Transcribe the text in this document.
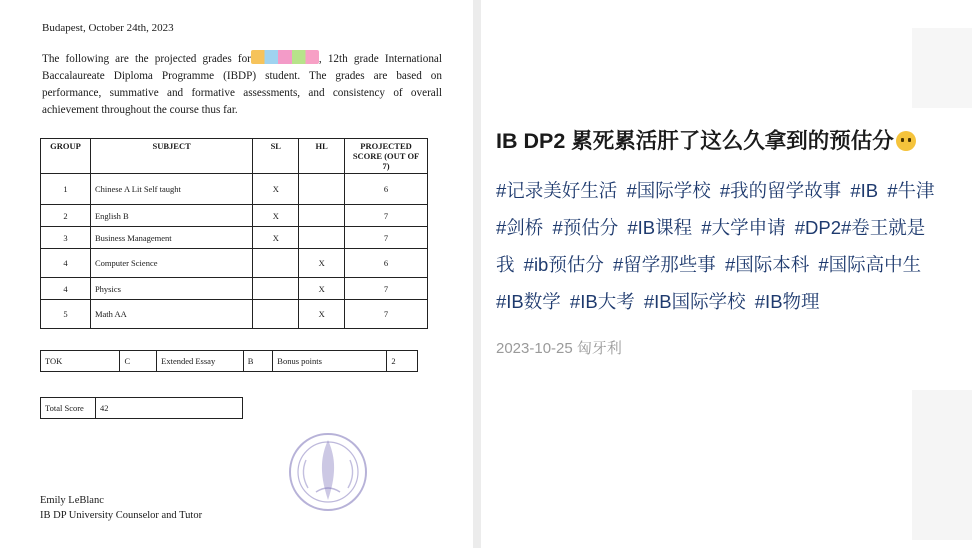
Budapest, October 24th, 2023
The following are the projected grades for	, 12th grade International Baccalaureate Diploma Programme (IBDP) student. The grades are based on performance, summative and formative assessments, and consistency of overall achievement throughout the course thus far.
GROUP	SUBJECT	SL	HL	PROJECTED SCORE (OUT OF 7)
1	Chinese A Lit Self taught	X		6
2	English B	X		7
3	Business Management	X		7
4	Computer Science		X	6
4	Physics		X	7
5	Math AA		X	7
TOK	C	Extended Essay	B	Bonus points	2
Total Score	42
Emily LeBlanc
IB DP University Counselor and Tutor
IB DP2 累死累活肝了这么久拿到的预估分
#记录美好生活 #国际学校 #我的留学故事 #IB #牛津 #剑桥 #预估分 #IB课程 #大学申请 #DP2#卷王就是我 #ib预估分 #留学那些事 #国际本科 #国际高中生 #IB数学 #IB大考 #IB国际学校 #IB物理
2023-10-25 匈牙利
